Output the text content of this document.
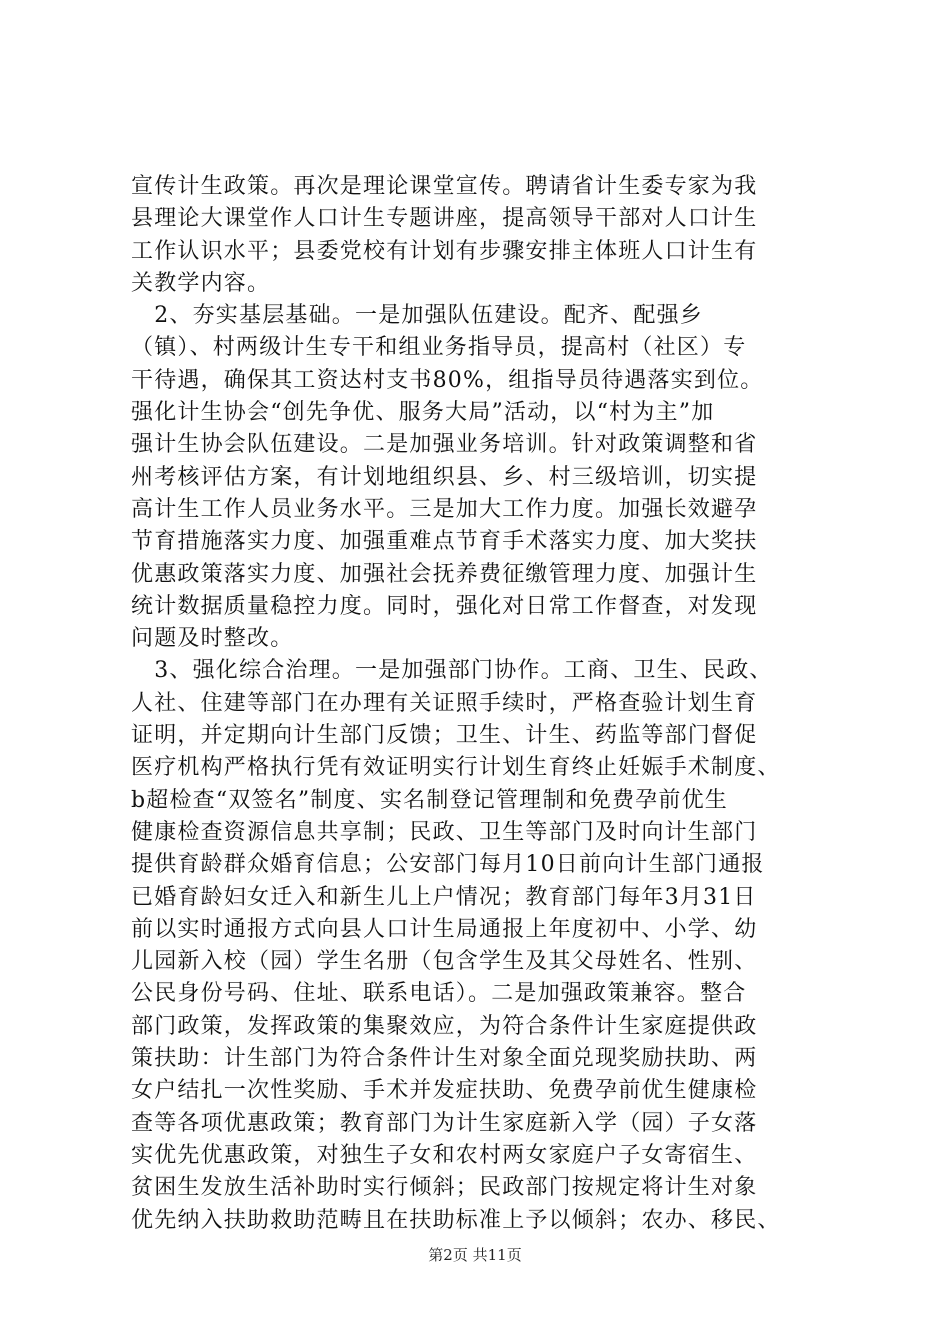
宣传计生政策。再次是理论课堂宣传。聘请省计生委专家为我
县理论大课堂作人口计生专题讲座，提高领导干部对人口计生
工作认识水平；县委党校有计划有步骤安排主体班人口计生有
关教学内容。
　2、夯实基层基础。一是加强队伍建设。配齐、配强乡
（镇）、村两级计生专干和组业务指导员，提高村（社区）专
干待遇，确保其工资达村支书80%，组指导员待遇落实到位。
强化计生协会“创先争优、服务大局”活动，以“村为主”加
强计生协会队伍建设。二是加强业务培训。针对政策调整和省
州考核评估方案，有计划地组织县、乡、村三级培训，切实提
高计生工作人员业务水平。三是加大工作力度。加强长效避孕
节育措施落实力度、加强重难点节育手术落实力度、加大奖扶
优惠政策落实力度、加强社会抚养费征缴管理力度、加强计生
统计数据质量稳控力度。同时，强化对日常工作督查，对发现
问题及时整改。
　3、强化综合治理。一是加强部门协作。工商、卫生、民政、
人社、住建等部门在办理有关证照手续时，严格查验计划生育
证明，并定期向计生部门反馈；卫生、计生、药监等部门督促
医疗机构严格执行凭有效证明实行计划生育终止妊娠手术制度、
b超检查“双签名”制度、实名制登记管理制和免费孕前优生
健康检查资源信息共享制；民政、卫生等部门及时向计生部门
提供育龄群众婚育信息；公安部门每月10日前向计生部门通报
已婚育龄妇女迁入和新生儿上户情况；教育部门每年3月31日
前以实时通报方式向县人口计生局通报上年度初中、小学、幼
儿园新入校（园）学生名册（包含学生及其父母姓名、性别、
公民身份号码、住址、联系电话）。二是加强政策兼容。整合
部门政策，发挥政策的集聚效应，为符合条件计生家庭提供政
策扶助：计生部门为符合条件计生对象全面兑现奖励扶助、两
女户结扎一次性奖励、手术并发症扶助、免费孕前优生健康检
查等各项优惠政策；教育部门为计生家庭新入学（园）子女落
实优先优惠政策，对独生子女和农村两女家庭户子女寄宿生、
贫困生发放生活补助时实行倾斜；民政部门按规定将计生对象
优先纳入扶助救助范畴且在扶助标准上予以倾斜；农办、移民、
第2页 共11页
